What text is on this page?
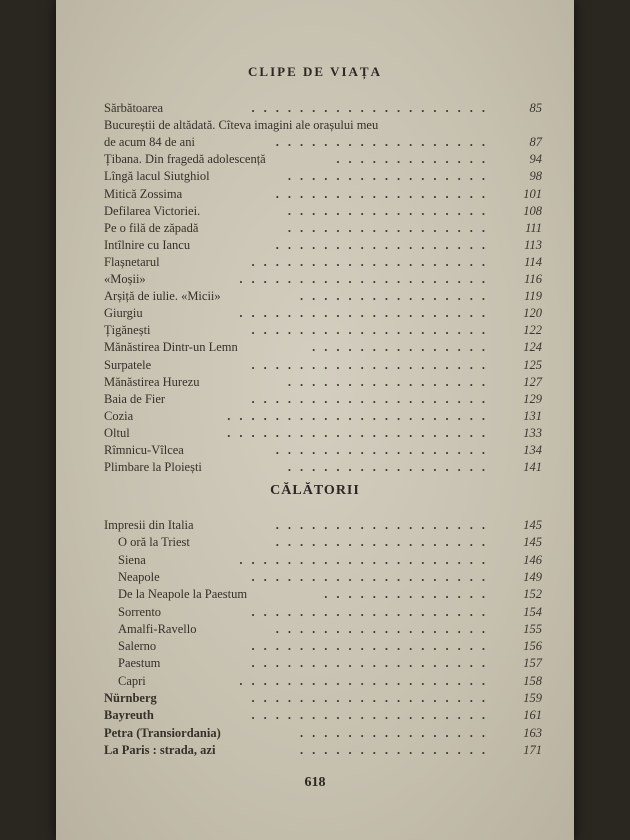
CLIPE DE VIAȚA
Sărbătoarea	85
....................
Bucureștii de altădată. Cîteva imagini ale orașului meu
de acum 84 de ani	87
..................
Țibana. Din fragedă adolescență	94
.............
Lîngă lacul Siutghiol	98
.................
Mitică Zossima	101
..................
Defilarea Victoriei.	108
.................
Pe o filă de zăpadă	111
.................
Intîlnire cu Iancu	113
..................
Flașnetarul	114
....................
«Moșii»	116
.....................
Arșiță de iulie. «Micii»	119
................
Giurgiu	120
.....................
Țigănești	122
....................
Mănăstirea Dintr-un Lemn	124
...............
Surpatele	125
....................
Mănăstirea Hurezu	127
.................
Baia de Fier	129
....................
Cozia	131
......................
Oltul	133
......................
Rîmnicu-Vîlcea	134
..................
Plimbare la Ploiești	141
.................
CĂLĂTORII
Impresii din Italia	145
..................
O oră la Triest	145
..................
Siena	146
.....................
Neapole	149
....................
De la Neapole la Paestum	152
..............
Sorrento	154
....................
Amalfi-Ravello	155
..................
Salerno	156
....................
Paestum	157
....................
Capri	158
.....................
Nürnberg	159
....................
Bayreuth	161
....................
Petra (Transiordania)	163
................
La Paris : strada, azi	171
................
618
